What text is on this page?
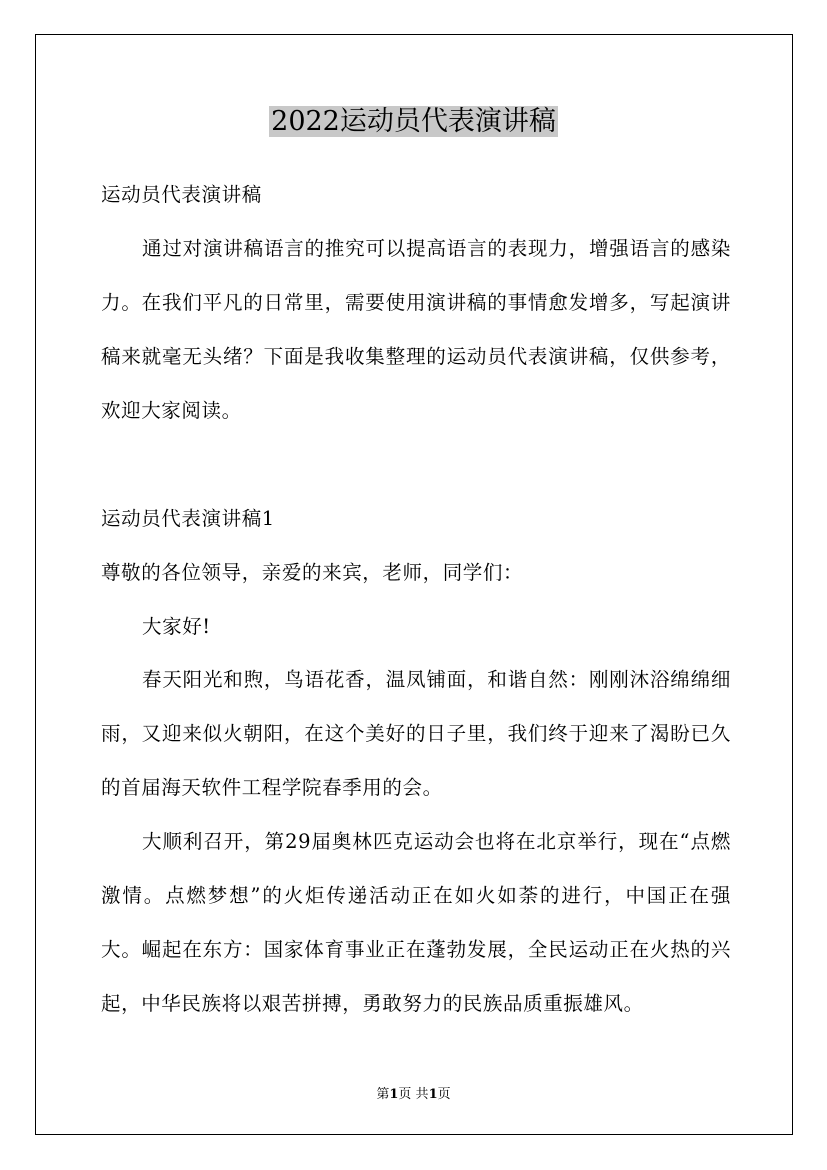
2022运动员代表演讲稿
运动员代表演讲稿
通过对演讲稿语言的推究可以提高语言的表现力，增强语言的感染力。在我们平凡的日常里，需要使用演讲稿的事情愈发增多，写起演讲稿来就毫无头绪？下面是我收集整理的运动员代表演讲稿，仅供参考，欢迎大家阅读。
运动员代表演讲稿1
尊敬的各位领导，亲爱的来宾，老师，同学们：
大家好!
春天阳光和煦，鸟语花香，温凤铺面，和谐自然：刚刚沐浴绵绵细雨，又迎来似火朝阳，在这个美好的日子里，我们终于迎来了渴盼已久的首届海天软件工程学院春季用的会。
大顺利召开，第29届奥林匹克运动会也将在北京举行，现在“点燃激情。点燃梦想”的火炬传递活动正在如火如荼的进行，中国正在强大。崛起在东方：国家体育事业正在蓬勃发展，全民运动正在火热的兴起，中华民族将以艰苦拼搏，勇敢努力的民族品质重振雄风。
第1页 共1页
